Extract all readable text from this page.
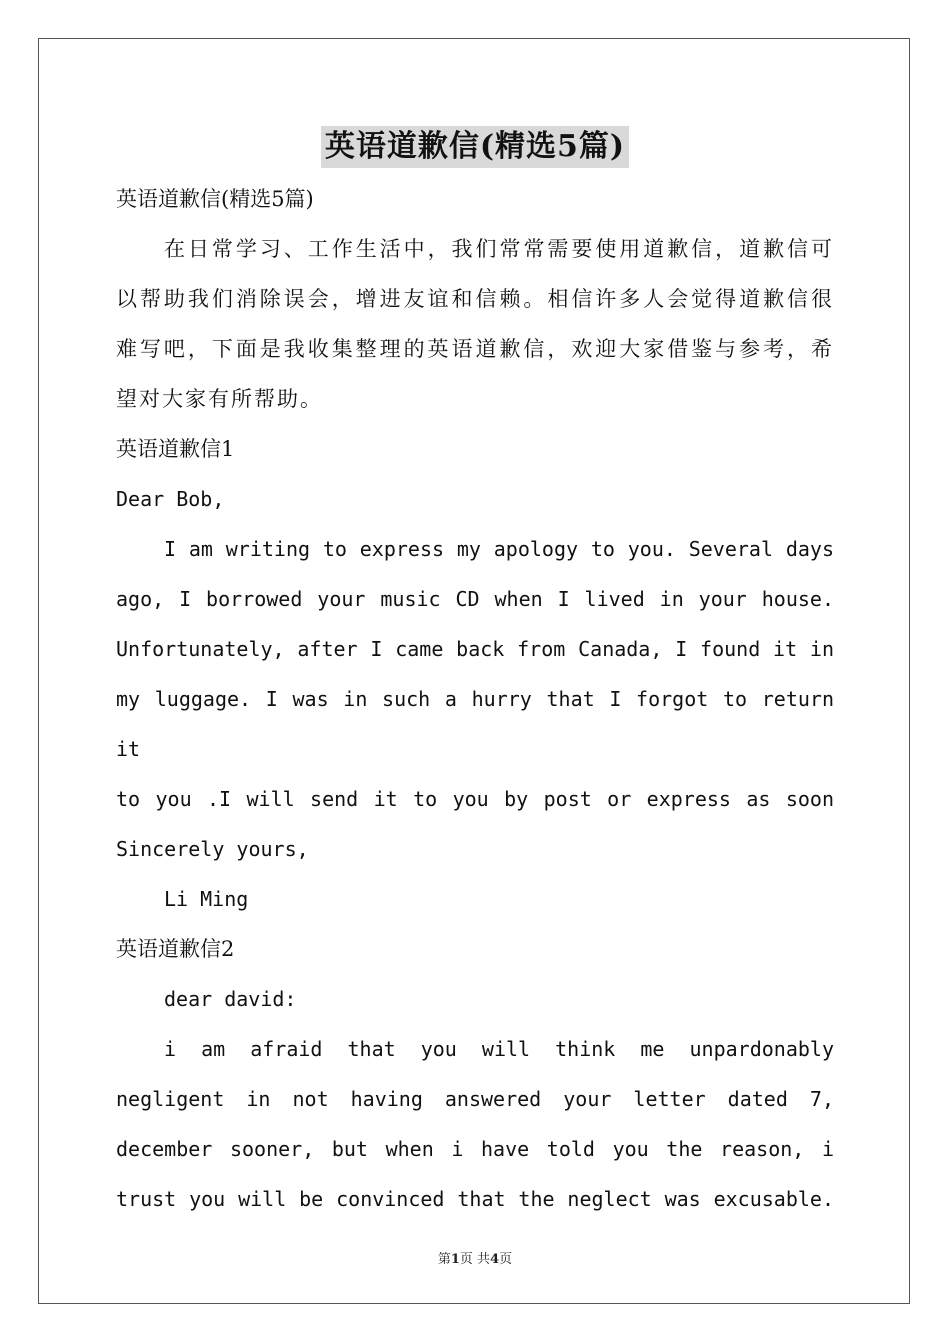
英语道歉信(精选5篇)

英语道歉信(精选5篇)

在日常学习、工作生活中，我们常常需要使用道歉信，道歉信可

以帮助我们消除误会，增进友谊和信赖。相信许多人会觉得道歉信很

难写吧，下面是我收集整理的英语道歉信，欢迎大家借鉴与参考，希

望对大家有所帮助。

英语道歉信1

Dear Bob,

I am writing to express my apology to you. Several days

ago, I borrowed your music CD when I lived in your house.

Unfortunately, after I came back from Canada, I found it in

my luggage. I was in such a hurry that I forgot to return it

to you .I will send it to you by post or express as soon

Sincerely yours,

Li Ming

英语道歉信2

dear david:

i am afraid that you will think me unpardonably

negligent in not having answered your letter dated 7,

december sooner, but when i have told you the reason, i

trust you will be convinced that the neglect was excusable.

第1页 共4页
